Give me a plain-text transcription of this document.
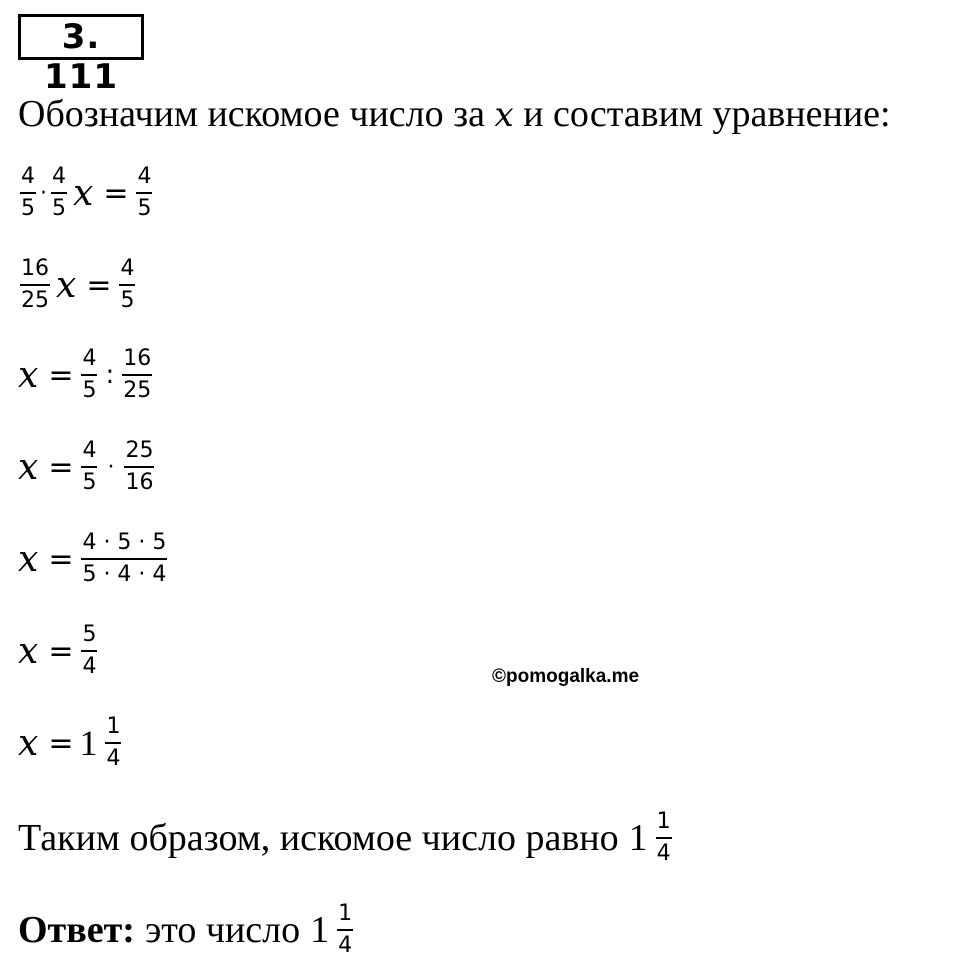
3. 111
Обозначим искомое число за x и составим уравнение:
$\frac{4}{5} \cdot \frac{4}{5}$ $x = \frac{4}{5}$
$\frac{16}{25}$ $x = \frac{4}{5}$
$x = \frac{4}{5}$ : $\frac{16}{25}$
$x = \frac{4}{5} \cdot \frac{25}{16}$
$x = \frac{4 \cdot 5 \cdot 5}{5 \cdot 4 \cdot 4}$
$x = \frac{5}{4}$	©pomogalka.me
$x = 1 \frac{1}{4}$
Таким образом, искомое число равно $1 \frac{1}{4}$
Ответ: это число $1 \frac{1}{4}$
